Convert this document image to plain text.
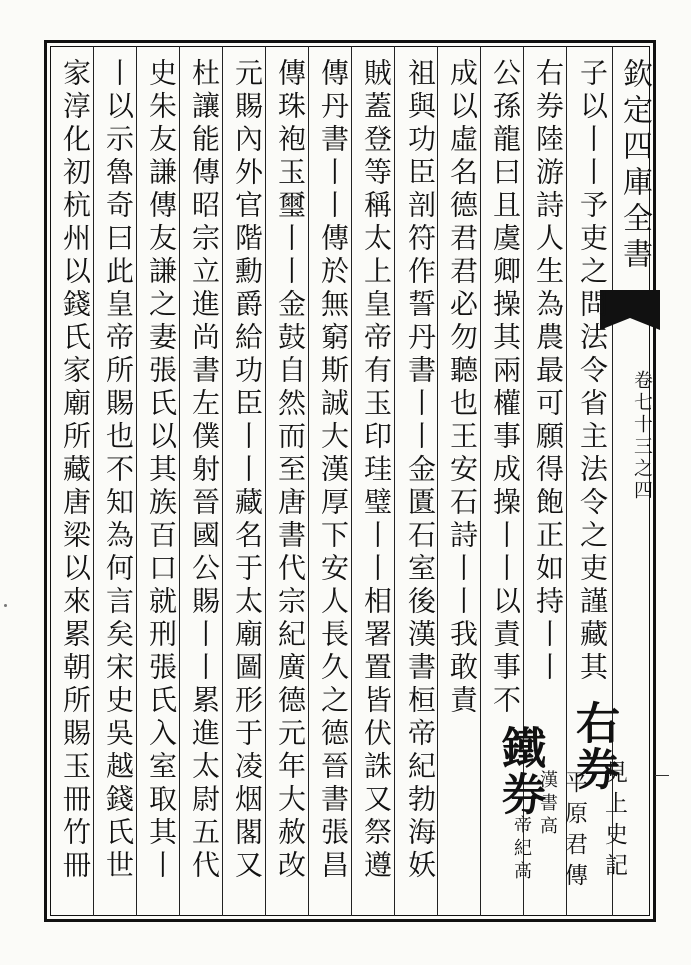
欽定四庫全書
卷七十三之四
子以丨丨予吏之問法令省主法令之吏謹藏其
右券陸游詩人生為農最可願得飽正如持丨丨
公孫龍曰且虞卿操其兩權事成操丨丨以責事不
成以虛名德君君必勿聽也王安石詩丨丨我敢責
右券
見上史記
平原君傳
鐵券
漢書高
帝紀高
祖與功臣剖符作誓丹書丨丨金匱石室後漢書桓帝紀勃海妖
賊蓋登等稱太上皇帝有玉印珪璧丨丨相署置皆伏誅又祭遵
傳丹書丨丨傳於無窮斯誠大漢厚下安人長久之德晉書張昌
傳珠袍玉璽丨丨金鼓自然而至唐書代宗紀廣德元年大赦改
元賜內外官階勳爵給功臣丨丨藏名于太廟圖形于凌烟閣又
杜讓能傳昭宗立進尚書左僕射晉國公賜丨丨累進太尉五代
史朱友謙傳友謙之妻張氏以其族百口就刑張氏入室取其丨
丨以示魯奇曰此皇帝所賜也不知為何言矣宋史吳越錢氏世
家淳化初杭州以錢氏家廟所藏唐梁以來累朝所賜玉冊竹冊
